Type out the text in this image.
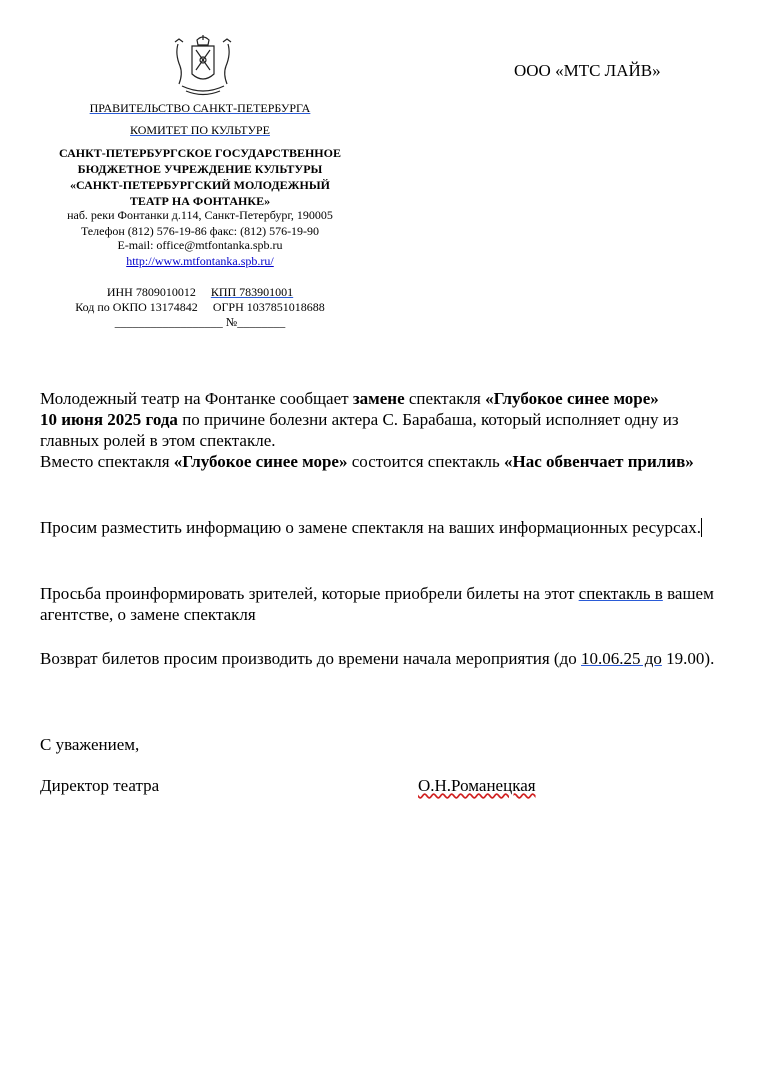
ПРАВИТЕЛЬСТВО САНКТ-ПЕТЕРБУРГА
КОМИТЕТ ПО КУЛЬТУРЕ
САНКТ-ПЕТЕРБУРГСКОЕ ГОСУДАРСТВЕННОЕ
БЮДЖЕТНОЕ УЧРЕЖДЕНИЕ КУЛЬТУРЫ
«САНКТ-ПЕТЕРБУРГСКИЙ МОЛОДЕЖНЫЙ
ТЕАТР НА ФОНТАНКЕ»
наб. реки Фонтанки д.114, Санкт-Петербург, 190005
Телефон (812) 576-19-86 факс: (812) 576-19-90
E-mail: office@mtfontanka.spb.ru
http://www.mtfontanka.spb.ru/
ИНН 7809010012 КПП 783901001
Код по ОКПО 13174842 ОГРН 1037851018688
__________________ №________
ООО «МТС ЛАЙВ»
Молодежный театр на Фонтанке сообщает замене спектакля «Глубокое синее море»
10 июня 2025 года по причине болезни актера С. Барабаша, который исполняет одну из главных ролей в этом спектакле.
Вместо спектакля «Глубокое синее море» состоится спектакль «Нас обвенчает прилив»
Просим разместить информацию о замене спектакля на ваших информационных ресурсах.
Просьба проинформировать зрителей, которые приобрели билеты на этот спектакль в вашем агентстве, о замене спектакля
Возврат билетов просим производить до времени начала мероприятия (до 10.06.25 до 19.00).
С уважением,
Директор театра	О.Н.Романецкая
